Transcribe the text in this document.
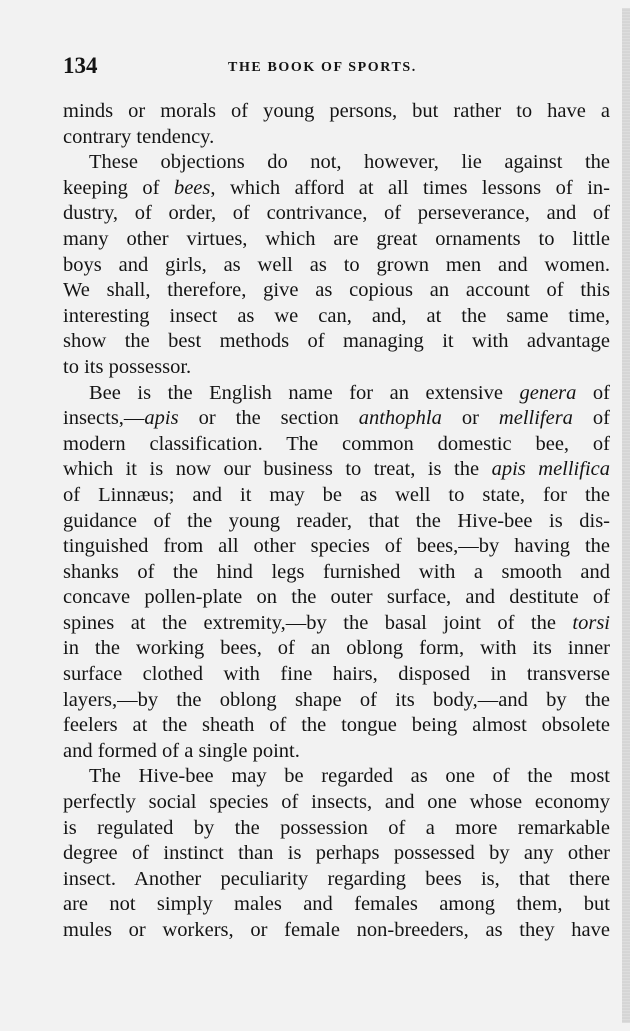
134	THE BOOK OF SPORTS.
minds or morals of young persons, but rather to have a
contrary tendency.
These objections do not, however, lie against the
keeping of bees, which afford at all times lessons of in-
dustry, of order, of contrivance, of perseverance, and of
many other virtues, which are great ornaments to little
boys and girls, as well as to grown men and women.
We shall, therefore, give as copious an account of this
interesting insect as we can, and, at the same time,
show the best methods of managing it with advantage
to its possessor.
Bee is the English name for an extensive genera of
insects,—apis or the section anthophla or mellifera of
modern classification. The common domestic bee, of
which it is now our business to treat, is the apis mellifica
of Linnæus; and it may be as well to state, for the
guidance of the young reader, that the Hive-bee is dis-
tinguished from all other species of bees,—by having the
shanks of the hind legs furnished with a smooth and
concave pollen-plate on the outer surface, and destitute of
spines at the extremity,—by the basal joint of the torsi
in the working bees, of an oblong form, with its inner
surface clothed with fine hairs, disposed in transverse
layers,—by the oblong shape of its body,—and by the
feelers at the sheath of the tongue being almost obsolete
and formed of a single point.
The Hive-bee may be regarded as one of the most
perfectly social species of insects, and one whose economy
is regulated by the possession of a more remarkable
degree of instinct than is perhaps possessed by any other
insect. Another peculiarity regarding bees is, that there
are not simply males and females among them, but
mules or workers, or female non-breeders, as they have
